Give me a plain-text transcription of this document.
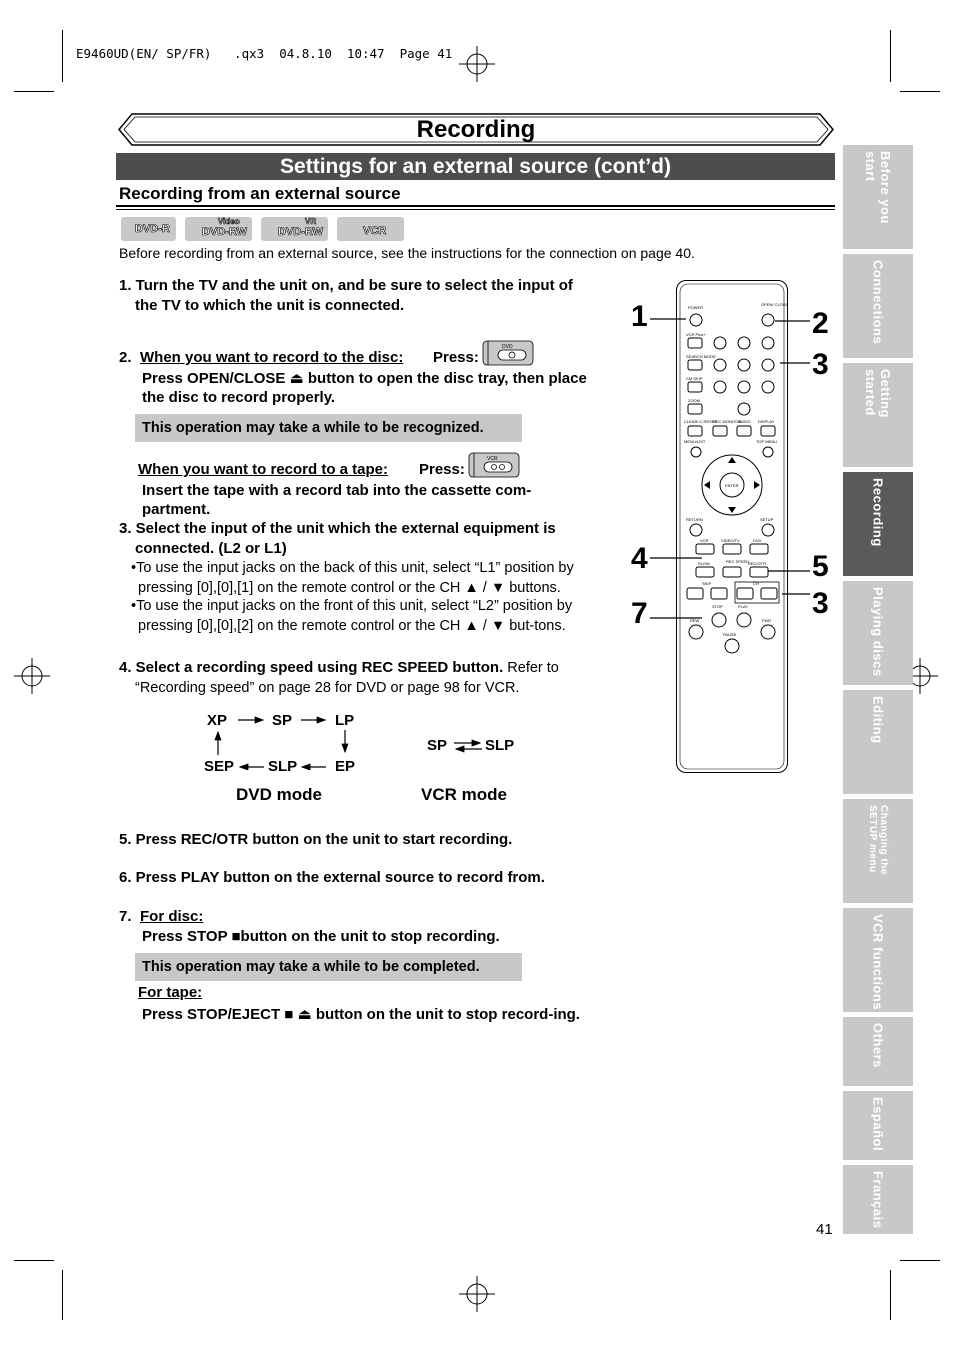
E9460UD(EN/ SP/FR)   .qx3  04.8.10  10:47  Page 41
Recording
Settings for an external source (cont’d)
Recording from an external source
DVD-R
Video
DVD-RW
VR
DVD-RW	VCR
Before recording from an external source, see the instructions for the connection on page 40.
1. Turn the TV and the unit on, and be sure to select the input of the TV to which the unit is connected.
2. When you want to record to the disc: Press:
DVD
Press OPEN/CLOSE ⏏ button to open the disc tray, then place the disc to record properly.
This operation may take a while to be recognized.
When you want to record to a tape: Press:
VCR
Insert the tape with a record tab into the cassette com-partment.
3. Select the input of the unit which the external equipment is connected. (L2 or L1)
•To use the input jacks on the back of this unit, select “L1” position by pressing [0],[0],[1] on the remote control or the CH ▲ / ▼ buttons.
•To use the input jacks on the front of this unit, select “L2” position by pressing [0],[0],[2] on the remote control or the CH ▲ / ▼ but-tons.
4. Select a recording speed using REC SPEED button. Refer to “Recording speed” on page 28 for DVD or page 98 for VCR.
XP	SP	LP
SEP SLP	EP
DVD mode
SP	SLP
VCR mode
5. Press REC/OTR button on the unit to start recording.
6. Press PLAY button on the external source to record from.
7. For disc:
Press STOP ■button on the unit to stop recording.
This operation may take a while to be completed.
For tape:
Press STOP/EJECT ■ ⏏ button on the unit to stop record-ing.
1	2
3
4	5
3
7
POWER
OPEN/ CLOSE
VCR Plus+
SEARCH MODE
CM SKIP
ZOOM
CLEAR/ C.RESET
REC MONITOR
AUDIO DISPLAY
MENU/LIST	TOP MENU
ENTER
RETURN	SETUP
VCR	VIDEO/TV	DVD
SLOW	REC SPEED
REC/OTR
SKIP	CH
STOP	PLAY
REW	FWD
PAUSE
Before you start
Connections
Getting started
Recording
Playing discs
Editing
Changing the SETUP menu
VCR functions
Others
Español
Français
41
